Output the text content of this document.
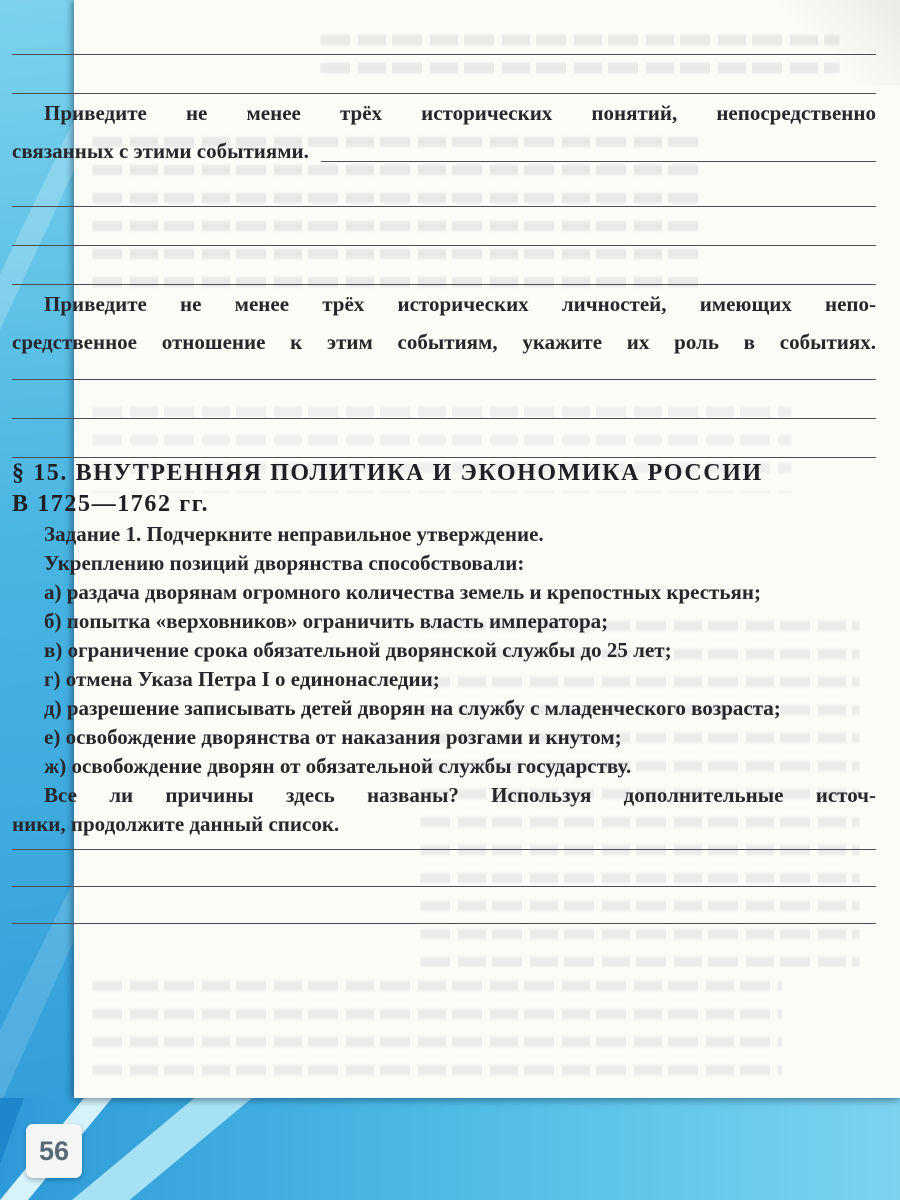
Приведите не менее трёх исторических понятий, непосредственно

связанных с этими событиями.

Приведите не менее трёх исторических личностей, имеющих непо-

средственное отношение к этим событиям, укажите их роль в событиях.

§ 15. ВНУТРЕННЯЯ ПОЛИТИКА И ЭКОНОМИКА РОССИИ
В 1725—1762 гг.

Задание 1. Подчеркните неправильное утверждение.

Укреплению позиций дворянства способствовали:

а) раздача дворянам огромного количества земель и крепостных крестьян;

б) попытка «верховников» ограничить власть императора;

в) ограничение срока обязательной дворянской службы до 25 лет;

г) отмена Указа Петра I о единонаследии;

д) разрешение записывать детей дворян на службу с младенческого возраста;

е) освобождение дворянства от наказания розгами и кнутом;

ж) освобождение дворян от обязательной службы государству.

Все ли причины здесь названы? Используя дополнительные источ-

ники, продолжите данный список.

56
